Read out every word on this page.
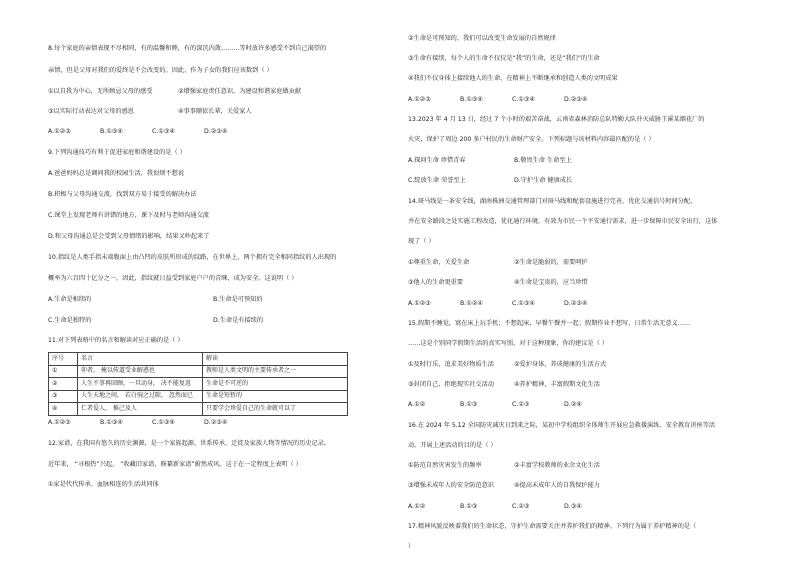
8.每个家庭的亲情表现不尽相同，有的温馨和睦，有的深沉内敛………等时放许多感受不到自己渴望的
亲情，但是父母对我们的爱终是不会改变的。因此，作为子女的我们应该数到（ ）
①以自我为中心，无所顾忌父母的感受	②增强家庭责任意识，为建设和谐家庭做贡献
③以实际行动表达对父母的感恩	④事事顺依长辈，关爱家人
A.①②③	B.①③④	C.①③④	D.②③④
9.下列沟通技巧有利于促进家庭和谐建设的是（ ）
A.爸爸妈妈总是调问我的校园生活，我很烦不想说
B.积极与父母沟通交流，找到双方易于接受的解决办法
C.课堂上发现老师有讲错的地方，课下及时与老师沟通交流
D.和父母沟通总是会受到父母情绪的影响，结果又吵起来了
10.指纹是人类手指末端腹面上由凸凹的皮肤所形成的纹路，在世界上，两个拥有完全相同指纹的人出现的
概率为六百四十亿分之一。因此，指纹就日益受到家庭户户的青睐，成为安全。这说明（ ）
A.生命是相续的	B.生命是可预知的
C.生命是独特的	D.生命是有接续的
11.对下列表格中的名言和解读对应正确的是（ ）
序号	名言	解读
①	卯者， 掩以传道受业解惑也	教师是人类文明的主要传承者之一
②	人生不事再回顾，一旦动身， 决不能复返	生命是不可逆的
③	人生天地之间， 若白驹之过隙， 忽然而已	生命是短暂的
④	仁者爱人， 推己及人	只要学会珍爱自己的生命就可以了
A.①②③	B.①③④	C.①③④	D.②③④
12.家谱，在我国有悠久的历史渊源，是一个家族起源，世系传承、迁徙及家族人物等情况的历史记录。
近年来， “寻根热”兴起， “收藏旧家谱，修纂新家谱”蔚然成风。这于在一定程度上表明（ ）
①家是代代传承、血脉相连的生活共同体
②生命是可预知的，我们可以改变生命发展的自然规律
③生命有接续，每个人的生命不仅仅是“我”的生命，还是“我们”的生命
④我们不仅身体上接续他人的生命，在精神上不断继承和创造人类的文明成果
A.①②③	B.①③④	C.①③④	D.②③④
13.2023 年 4 月 13 日，经过 7 个小时的艰苦奋战，云南省森林消防总队特勤大队扑灭威胁王溪某烟花厂的
火灾，保护了周边 200 多户村民的生命财产安全。下列标题与该材料内容最匹配的是（ ）
A.探问生命 珍惜青春	B.敬畏生命 生命至上
C.绽放生命 荣誉至上	D.守护生命 健康成长
14.斑马线是一条安全线，湖南株洲交通管理部门对斑马线和配套设施进行完善，优化交通信号时间分配，
并在安全路段之处实施工程改造，优化通行环境，有效为市民一个平安通行需求，进一步保障市民安全出行，这体
现了（ ）
①尊重生命，关爱生命	②生命是脆弱的，需要呵护
③他人的生命更重要	④生命是宝贵的，应当珍惜
A.①②③	B.①②④	C.①③④	D.②③④
15.假期不睡觉，窝在床上玩手机；不想起床，早餐午餐并一起；假期作业不想写，日常生活无意义……
……这是个别同学假期生活的真实写照，对于这种现象，你的建议是（ ）
①及时行乐，追求美好物质生活	②爱护身体，养成健康的生活方式
③封闭自己，拒绝现实社交活动	④养护精神，丰富假期文化生活
A.①②	B.①③	C.②③	D.②④
16.在 2024 年 5.12 全国防灾减灾日到来之际，某初中学校组织全体师生开展应急救援演练、安全教育讲座等活
动。开展上述活动的目的是（ ）
①防范自然灾害发生的频率	②丰富学校教师的业余文化生活
③增强未成年人的安全防范意识	④提高未成年人的自我保护能力
A.①②	B.①③	C.②③	D.③④
17.精神风貌反映着我们的生命状态，守护生命需要关注并养护我们的精神。下列行为属于养护精神的是（
）
